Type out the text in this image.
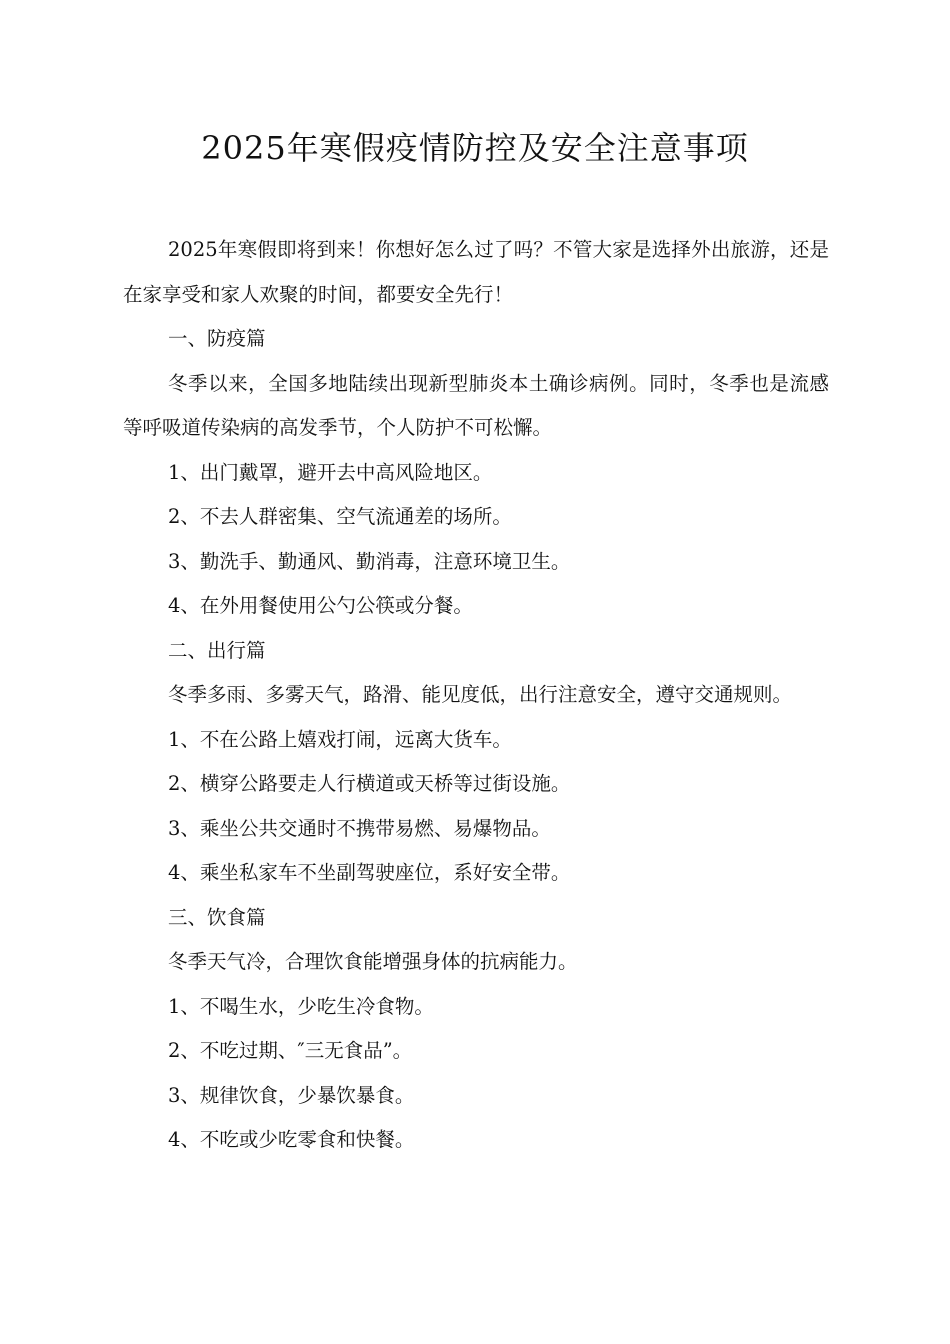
2025年寒假疫情防控及安全注意事项

2025年寒假即将到来！你想好怎么过了吗？不管大家是选择外出旅游，还是在家享受和家人欢聚的时间，都要安全先行！

一、防疫篇

冬季以来，全国多地陆续出现新型肺炎本土确诊病例。同时，冬季也是流感等呼吸道传染病的高发季节，个人防护不可松懈。

1、出门戴罩，避开去中高风险地区。

2、不去人群密集、空气流通差的场所。

3、勤洗手、勤通风、勤消毒，注意环境卫生。

4、在外用餐使用公勺公筷或分餐。

二、出行篇

冬季多雨、多雾天气，路滑、能见度低，出行注意安全，遵守交通规则。

1、不在公路上嬉戏打闹，远离大货车。

2、横穿公路要走人行横道或天桥等过街设施。

3、乘坐公共交通时不携带易燃、易爆物品。

4、乘坐私家车不坐副驾驶座位，系好安全带。

三、饮食篇

冬季天气冷，合理饮食能增强身体的抗病能力。

1、不喝生水，少吃生冷食物。

2、不吃过期、″三无食品”。

3、规律饮食，少暴饮暴食。

4、不吃或少吃零食和快餐。
